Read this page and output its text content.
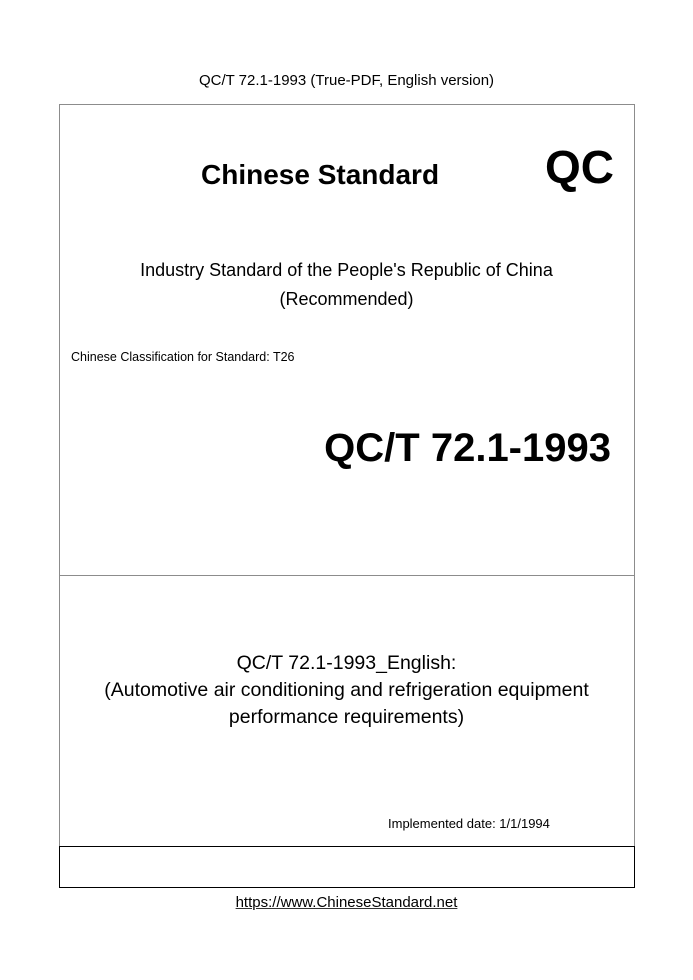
QC/T 72.1-1993 (True-PDF, English version)
Chinese Standard QC
Industry Standard of the People's Republic of China
(Recommended)
Chinese Classification for Standard: T26
QC/T 72.1-1993
QC/T 72.1-1993_English:
(Automotive air conditioning and refrigeration equipment
performance requirements)
Implemented date: 1/1/1994
https://www.ChineseStandard.net
